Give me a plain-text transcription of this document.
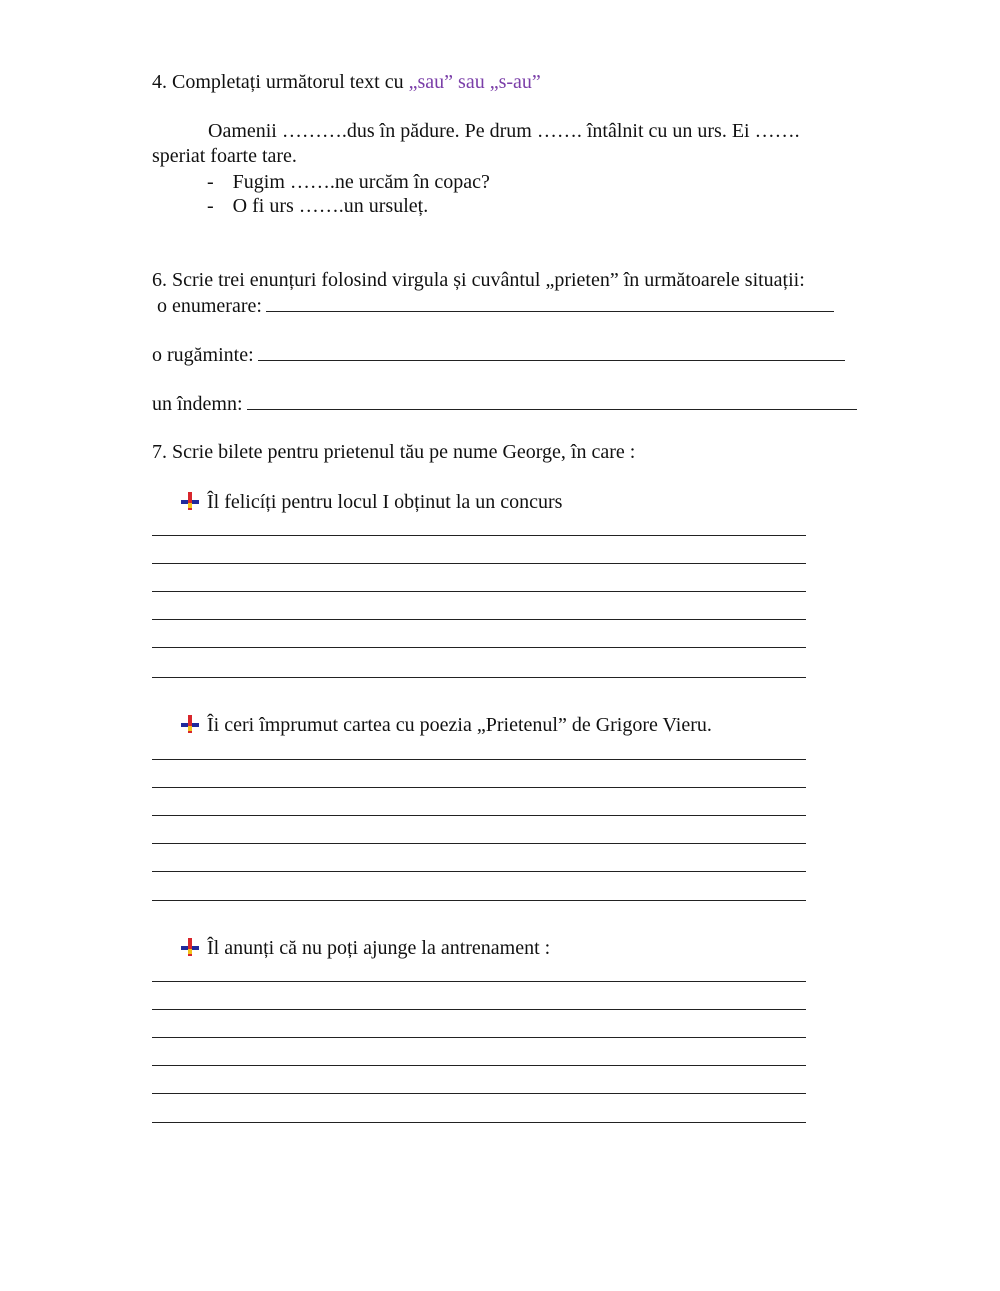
4. Completați următorul text cu „sau” sau „s-au”
Oamenii ……….dus în pădure. Pe drum ……. întâlnit cu un urs. Ei …….
speriat foarte tare.
- Fugim …….ne urcăm în copac?
- O fi urs …….un ursuleț.
6. Scrie trei enunțuri folosind virgula și cuvântul „prieten” în următoarele situații:
o enumerare:
o rugăminte:
un îndemn:
7. Scrie bilete pentru prietenul tău pe nume George, în care :
Îl felicíți pentru locul I obținut la un concurs
Îi ceri împrumut cartea cu poezia „Prietenul” de Grigore Vieru.
Îl anunți că nu poți ajunge la antrenament :
